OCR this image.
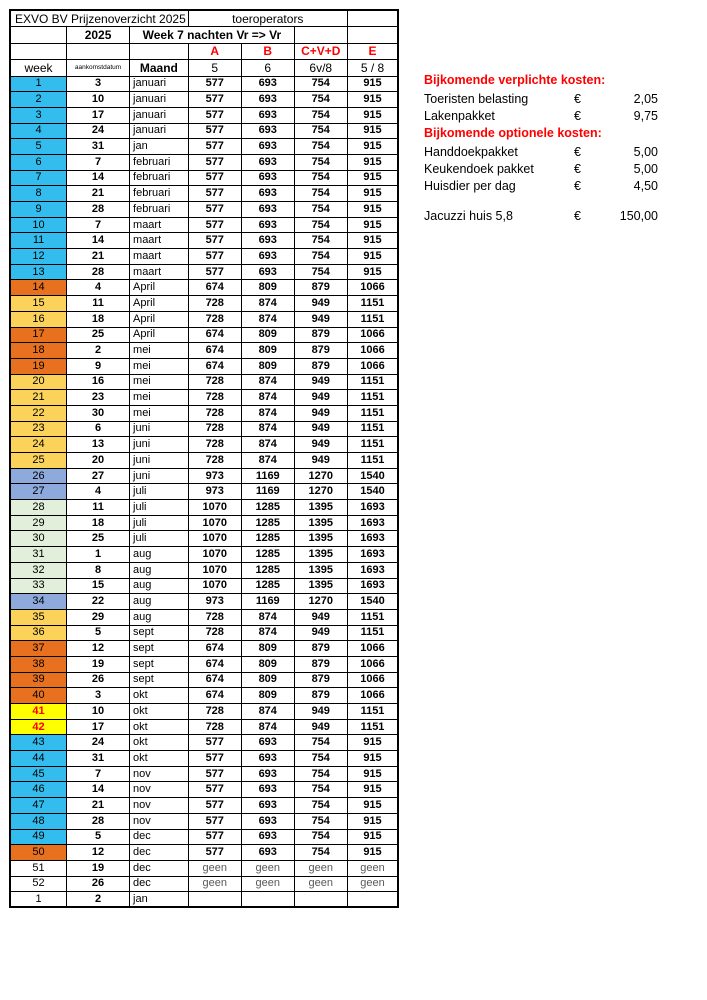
EXVO BV Prijzenoverzicht 2025			toeroperators			
	2025	Week 7 nachten Vr => Vr				
			A	B	C+V+D	E
week	aankomstdatum	Maand	5	6	6v/8	5 / 8
1	3	januari	577	693	754	915
2	10	januari	577	693	754	915
3	17	januari	577	693	754	915
4	24	januari	577	693	754	915
5	31	jan	577	693	754	915
6	7	februari	577	693	754	915
7	14	februari	577	693	754	915
8	21	februari	577	693	754	915
9	28	februari	577	693	754	915
10	7	maart	577	693	754	915
11	14	maart	577	693	754	915
12	21	maart	577	693	754	915
13	28	maart	577	693	754	915
14	4	April	674	809	879	1066
15	11	April	728	874	949	1151
16	18	April	728	874	949	1151
17	25	April	674	809	879	1066
18	2	mei	674	809	879	1066
19	9	mei	674	809	879	1066
20	16	mei	728	874	949	1151
21	23	mei	728	874	949	1151
22	30	mei	728	874	949	1151
23	6	juni	728	874	949	1151
24	13	juni	728	874	949	1151
25	20	juni	728	874	949	1151
26	27	juni	973	1169	1270	1540
27	4	juli	973	1169	1270	1540
28	11	juli	1070	1285	1395	1693
29	18	juli	1070	1285	1395	1693
30	25	juli	1070	1285	1395	1693
31	1	aug	1070	1285	1395	1693
32	8	aug	1070	1285	1395	1693
33	15	aug	1070	1285	1395	1693
34	22	aug	973	1169	1270	1540
35	29	aug	728	874	949	1151
36	5	sept	728	874	949	1151
37	12	sept	674	809	879	1066
38	19	sept	674	809	879	1066
39	26	sept	674	809	879	1066
40	3	okt	674	809	879	1066
41	10	okt	728	874	949	1151
42	17	okt	728	874	949	1151
43	24	okt	577	693	754	915
44	31	okt	577	693	754	915
45	7	nov	577	693	754	915
46	14	nov	577	693	754	915
47	21	nov	577	693	754	915
48	28	nov	577	693	754	915
49	5	dec	577	693	754	915
50	12	dec	577	693	754	915
51	19	dec	geen	geen	geen	geen
52	26	dec	geen	geen	geen	geen
1	2	jan				
Bijkomende verplichte kosten:
Toeristen belasting	€	2,05
Lakenpakket	€	9,75
Bijkomende optionele kosten:
Handdoekpakket	€	5,00
Keukendoek pakket	€	5,00
Huisdier per dag	€	4,50
Jacuzzi huis 5,8	€	150,00
